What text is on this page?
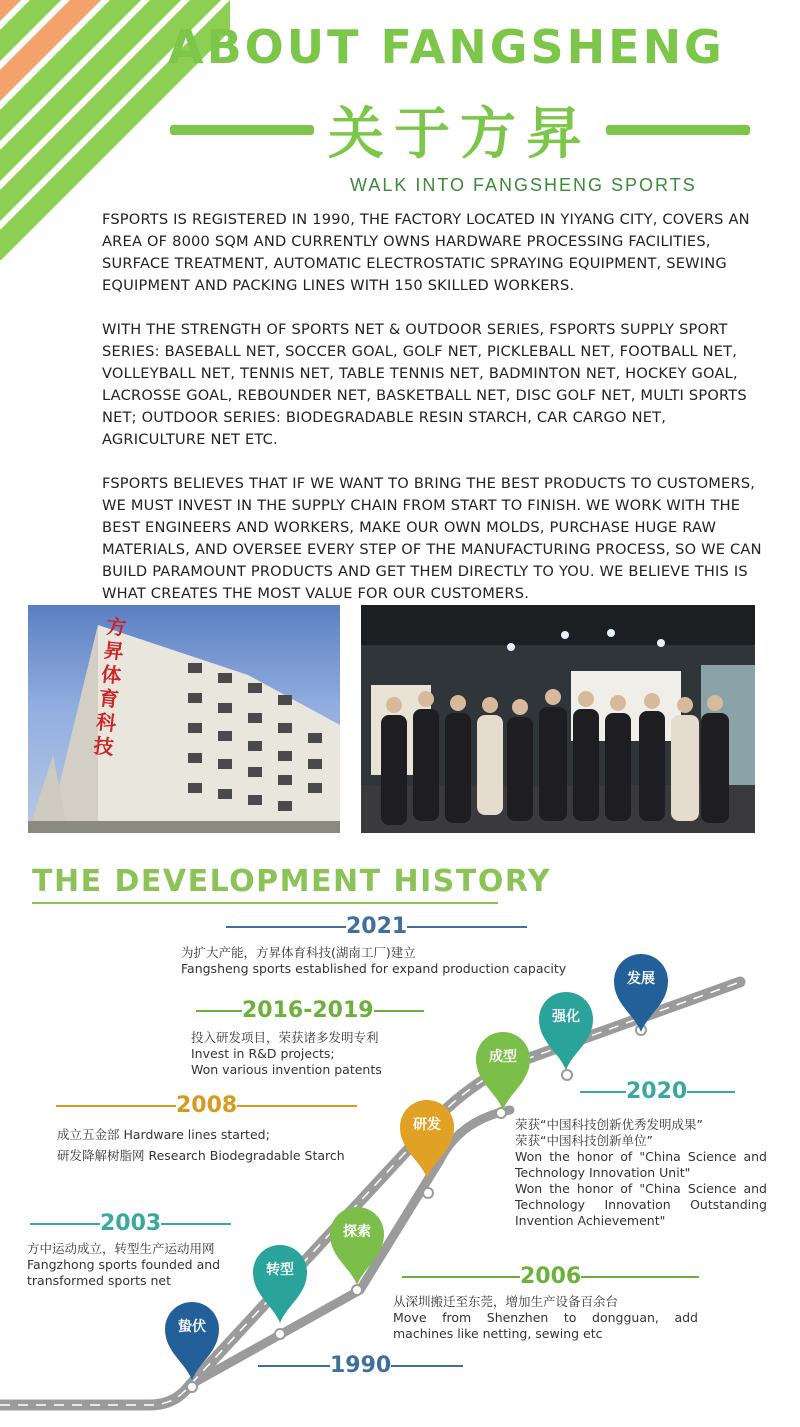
ABOUT FANGSHENG
关于方昇
WALK INTO FANGSHENG SPORTS

FSPORTS IS REGISTERED IN 1990, THE FACTORY LOCATED IN YIYANG CITY, COVERS AN AREA OF 8000 SQM AND CURRENTLY OWNS HARDWARE PROCESSING FACILITIES, SURFACE TREATMENT, AUTOMATIC ELECTROSTATIC SPRAYING EQUIPMENT, SEWING EQUIPMENT AND PACKING LINES WITH 150 SKILLED WORKERS.

WITH THE STRENGTH OF SPORTS NET & OUTDOOR SERIES, FSPORTS SUPPLY SPORT SERIES: BASEBALL NET, SOCCER GOAL, GOLF NET, PICKLEBALL NET, FOOTBALL NET, VOLLEYBALL NET, TENNIS NET, TABLE TENNIS NET, BADMINTON NET, HOCKEY GOAL, LACROSSE GOAL, REBOUNDER NET, BASKETBALL NET, DISC GOLF NET, MULTI SPORTS NET; OUTDOOR SERIES: BIODEGRADABLE RESIN STARCH, CAR CARGO NET, AGRICULTURE NET ETC.

FSPORTS BELIEVES THAT IF WE WANT TO BRING THE BEST PRODUCTS TO CUSTOMERS, WE MUST INVEST IN THE SUPPLY CHAIN FROM START TO FINISH. WE WORK WITH THE BEST ENGINEERS AND WORKERS, MAKE OUR OWN MOLDS, PURCHASE HUGE RAW MATERIALS, AND OVERSEE EVERY STEP OF THE MANUFACTURING PROCESS, SO WE CAN BUILD PARAMOUNT PRODUCTS AND GET THEM DIRECTLY TO YOU. WE BELIEVE THIS IS WHAT CREATES THE MOST VALUE FOR OUR CUSTOMERS.

方昇体育科技
THE DEVELOPMENT HISTORY
蛰伏
转型
探索
研发
成型
强化
发展
2021
为扩大产能，方昇体育科技(湖南工厂)建立
Fangsheng sports established for expand production capacity
2016-2019
投入研发项目，荣获诸多发明专利
Invest in R&D projects;
Won various invention patents
2008
成立五金部 Hardware lines started;
研发降解树脂网 Research Biodegradable Starch
2020
荣获“中国科技创新优秀发明成果”
荣获“中国科技创新单位”
Won the honor of "China Science and Technology Innovation Unit"
Won the honor of "China Science and Technology Innovation Outstanding Invention Achievement"
2003
方中运动成立，转型生产运动用网
Fangzhong sports founded and
transformed sports net	2006
从深圳搬迁至东莞，增加生产设备百余台
Move from Shenzhen to dongguan, add machines like netting, sewing etc
1990
